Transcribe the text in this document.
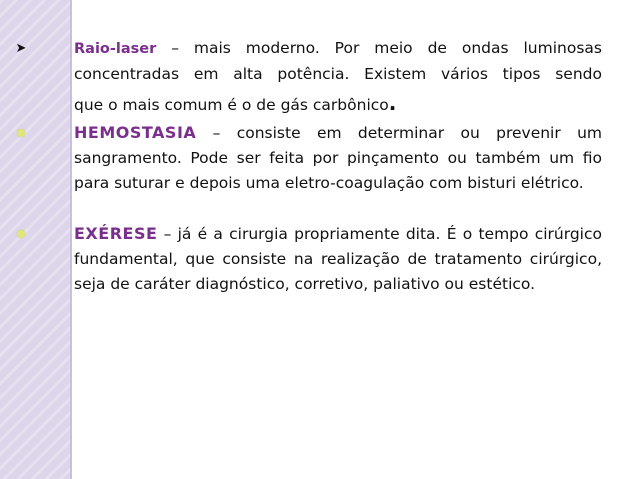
➤	Raio-laser – mais moderno. Por meio de ondas luminosas concentradas em alta potência. Existem vários tipos sendo que o mais comum é o de gás carbônico.

HEMOSTASIA – consiste em determinar ou prevenir um sangramento. Pode ser feita por pinçamento ou também um fio para suturar e depois uma eletro-coagulação com bisturi elétrico.

EXÉRESE – já é a cirurgia propriamente dita. É o tempo cirúrgico fundamental, que consiste na realização de tratamento cirúrgico, seja de caráter diagnóstico, corretivo, paliativo ou estético.
